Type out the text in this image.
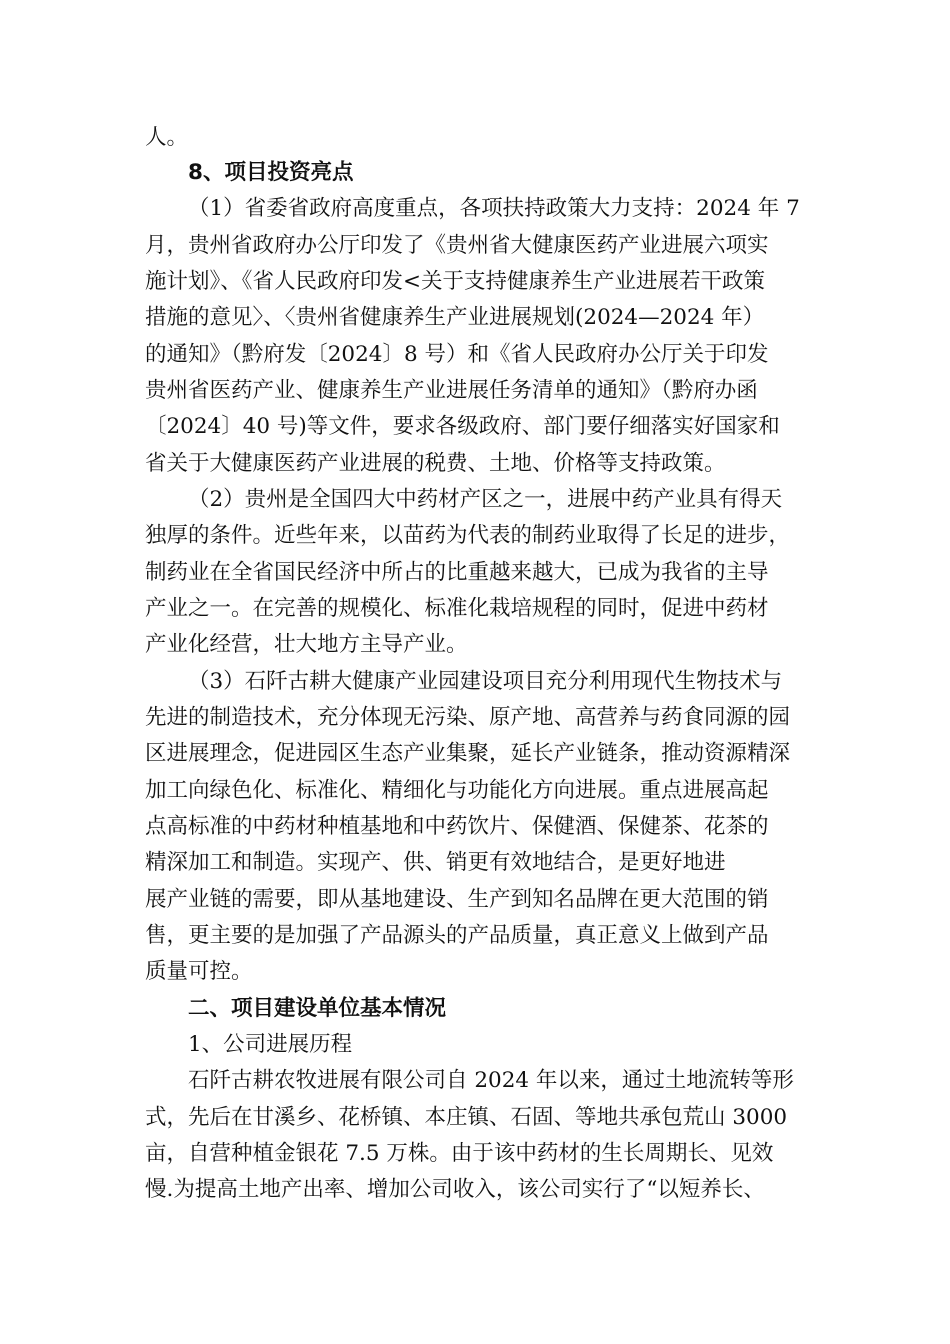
人。
8、项目投资亮点
（1）省委省政府高度重点，各项扶持政策大力支持：2024 年 7
月，贵州省政府办公厅印发了《贵州省大健康医药产业进展六项实
施计划》、《省人民政府印发<关于支持健康养生产业进展若干政策
措施的意见〉、〈贵州省健康养生产业进展规划(2024—2024 年）
的通知》（黔府发〔2024〕8 号）和《省人民政府办公厅关于印发
贵州省医药产业、健康养生产业进展任务清单的通知》（黔府办函
〔2024〕40 号)等文件，要求各级政府、部门要仔细落实好国家和
省关于大健康医药产业进展的税费、土地、价格等支持政策。
（2）贵州是全国四大中药材产区之一，进展中药产业具有得天
独厚的条件。近些年来，以苗药为代表的制药业取得了长足的进步，
制药业在全省国民经济中所占的比重越来越大，已成为我省的主导
产业之一。在完善的规模化、标准化栽培规程的同时，促进中药材
产业化经营，壮大地方主导产业。
（3）石阡古耕大健康产业园建设项目充分利用现代生物技术与
先进的制造技术，充分体现无污染、原产地、高营养与药食同源的园
区进展理念，促进园区生态产业集聚，延长产业链条，推动资源精深
加工向绿色化、标准化、精细化与功能化方向进展。重点进展高起
点高标准的中药材种植基地和中药饮片、保健酒、保健茶、花茶的
精深加工和制造。实现产、供、销更有效地结合，是更好地进
展产业链的需要，即从基地建设、生产到知名品牌在更大范围的销
售，更主要的是加强了产品源头的产品质量，真正意义上做到产品
质量可控。
二、项目建设单位基本情况
1、公司进展历程
石阡古耕农牧进展有限公司自 2024 年以来，通过土地流转等形
式，先后在甘溪乡、花桥镇、本庄镇、石固、等地共承包荒山 3000
亩，自营种植金银花 7.5 万株。由于该中药材的生长周期长、见效
慢.为提高土地产出率、增加公司收入，该公司实行了“以短养长、
